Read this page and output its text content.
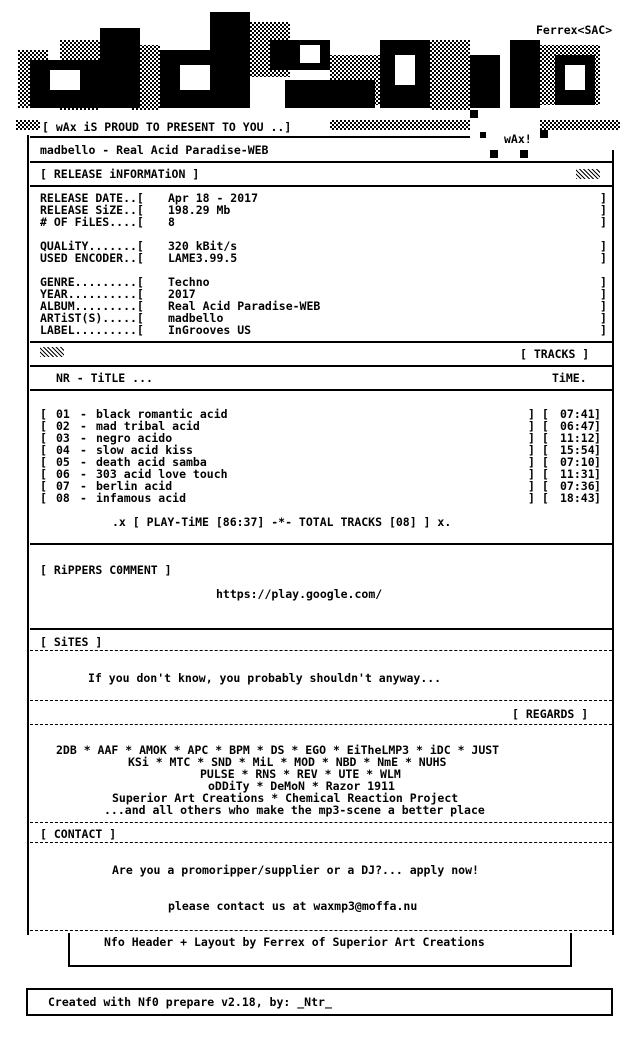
Ferrex<SAC>
[ wAx iS PROUD TO PRESENT TO YOU ..]
wAx!
madbello - Real Acid Paradise-WEB
[ RELEASE iNFORMATiON ]
RELEASE DATE..[ Apr 18 - 2017	]
RELEASE SiZE..[ 198.29 Mb	]
# OF FiLES....[ 8	]
QUALiTY.......[ 320 kBit/s	]
USED ENCODER..[ LAME3.99.5	]
GENRE.........[ Techno	]
YEAR..........[ 2017	]
ALBUM.........[ Real Acid Paradise-WEB	]
ARTiST(S).....[ madbello	]
LABEL.........[ InGrooves US	]
[ TRACKS ]
NR - TiTLE ...	TiME.
[ 01 - black romantic acid	] [ 07:41 ]
[ 02 - mad tribal acid	] [ 06:47 ]
[ 03 - negro acido	] [ 11:12 ]
[ 04 - slow acid kiss	] [ 15:54 ]
[ 05 - death acid samba	] [ 07:10 ]
[ 06 - 303 acid love touch	] [ 11:31 ]
[ 07 - berlin acid	] [ 07:36 ]
[ 08 - infamous acid	] [ 18:43 ]
.x [ PLAY-TiME [86:37] -*- TOTAL TRACKS [08] ] x.
[ RiPPERS C0MMENT ]
https://play.google.com/
[ SiTES ]
If you don't know, you probably shouldn't anyway...
[ REGARDS ]
2DB * AAF * AMOK * APC * BPM * DS * EGO * EiTheLMP3 * iDC * JUST
KSi * MTC * SND * MiL * MOD * NBD * NmE * NUHS
PULSE * RNS * REV * UTE * WLM
oDDiTy * DeMoN * Razor 1911
Superior Art Creations * Chemical Reaction Project
...and all others who make the mp3-scene a better place
[ CONTACT ]
Are you a promoripper/supplier or a DJ?... apply now!
please contact us at waxmp3@moffa.nu
Nfo Header + Layout by Ferrex of Superior Art Creations
Created with Nf0 prepare v2.18, by: _Ntr_
